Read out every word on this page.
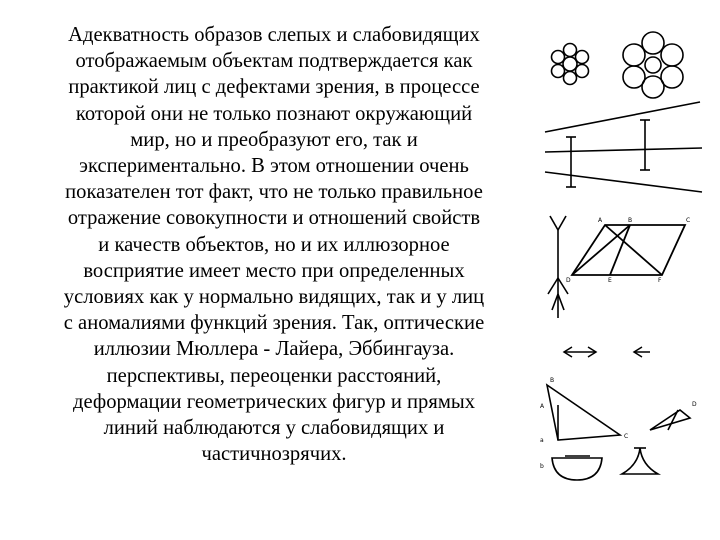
Адекватность образов слепых и слабовидящих
отображаемым объектам подтверждается как
практикой лиц с дефектами зрения, в процессе
которой они не только познают окружающий
мир, но и преобразуют его, так и
экспериментально. В этом отношении очень
показателен тот факт, что не только правильное
отражение совокупности и отношений свойств
и качеств объектов, но и их иллюзорное
восприятие имеет место при определенных
условиях как у нормально видящих, так и у лиц
с аномалиями функций зрения. Так, оптические
иллюзии Мюллера - Лайера, Эббингауза.
перспективы, переоценки расстояний,
деформации геометрических фигур и прямых
линий наблюдаются у слабовидящих и
частичнозрячих.
A	B	C
D	E	F
B
A
C
D
a
b
